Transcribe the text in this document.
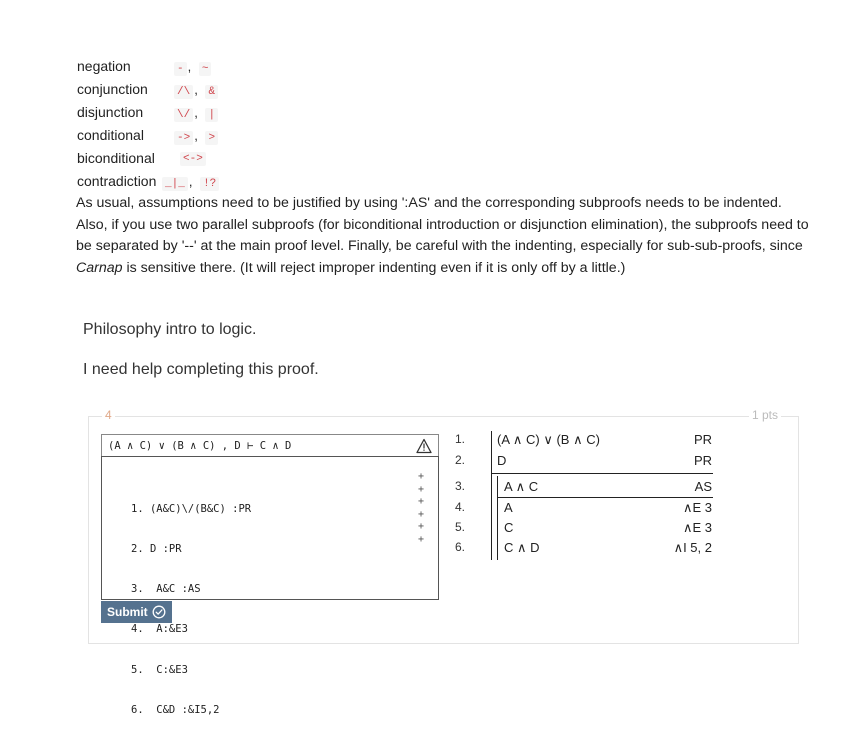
negation	- , ~
conjunction	/\ , &
disjunction	\/ , |
conditional	-> , >
biconditional	<->
contradiction _|_ , !?
As usual, assumptions need to be justified by using ':AS' and the corresponding subproofs needs to be indented. Also, if you use two parallel subproofs (for biconditional introduction or disjunction elimination), the subproofs need to be separated by '--' at the main proof level. Finally, be careful with the indenting, especially for sub-sub-proofs, since Carnap is sensitive there. (It will reject improper indenting even if it is only off by a little.)
Philosophy intro to logic.
I need help completing this proof.
4	1 pts
(A ∧ C) ∨ (B ∧ C) , D ⊢ C ∧ D

1. (A&C)\/(B&C) :PR

2. D :PR

3.  A&C :AS

4.  A:&E3

5.  C:&E3

6.  C&D :&I5,2

+
+
+
+
+
+
Submit
1.	(A ∧ C) ∨ (B ∧ C)	PR
2.	D	PR
3.	A ∧ C	AS
4.	A	∧E 3
5.	C	∧E 3
6.	C ∧ D	∧I 5, 2
